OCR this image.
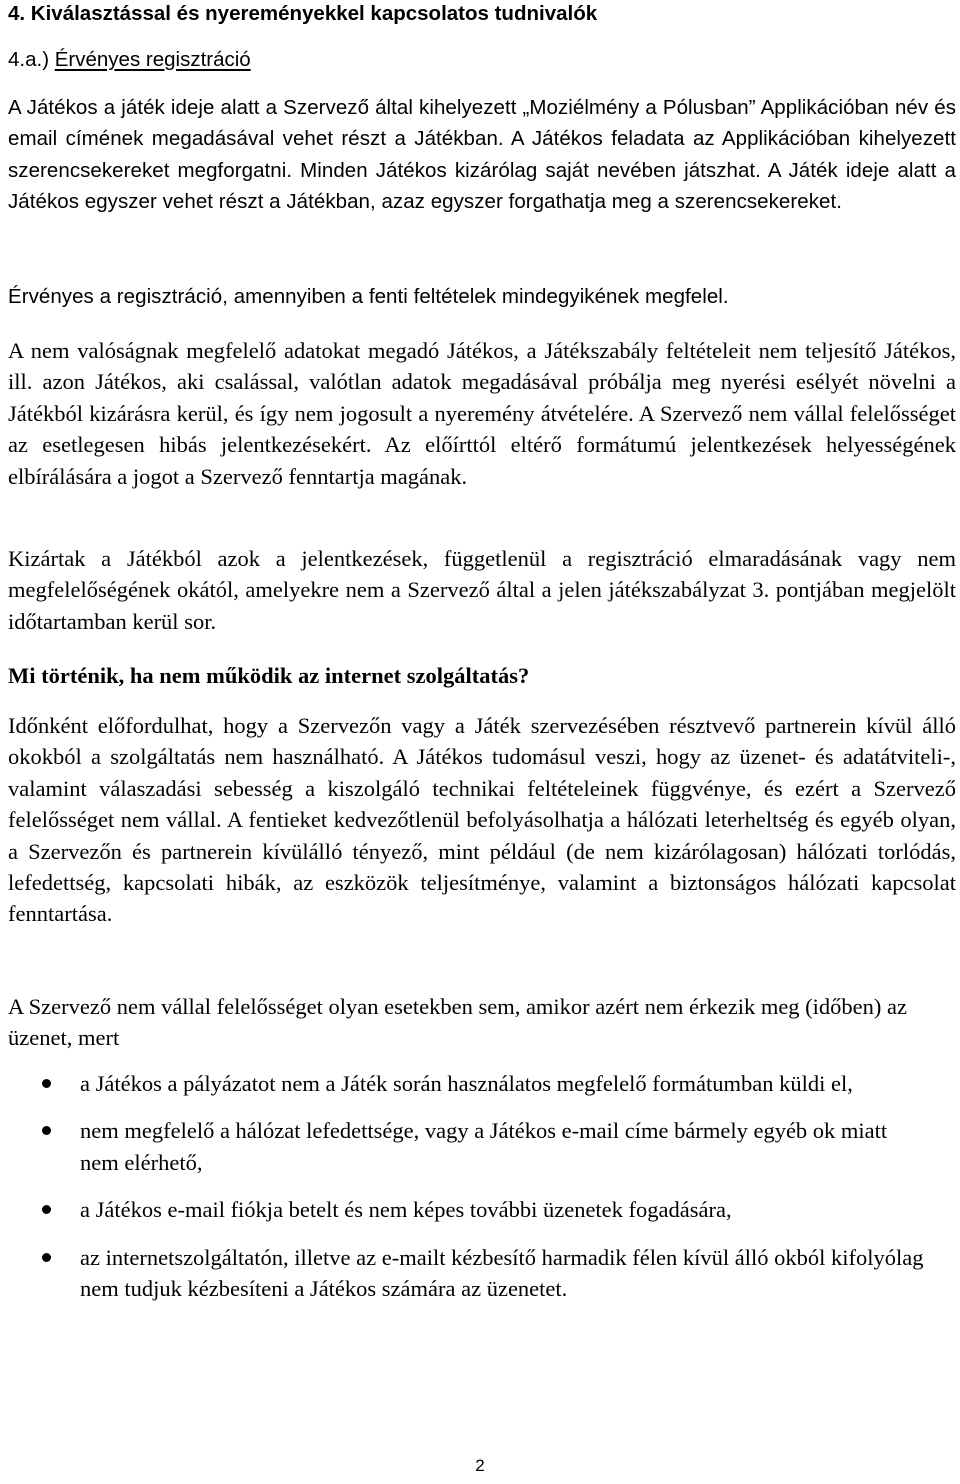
4. Kiválasztással és nyereményekkel kapcsolatos tudnivalók
4.a.) Érvényes regisztráció

A Játékos a játék ideje alatt a Szervező által kihelyezett „Moziélmény a Pólusban” Applikációban név és email címének megadásával vehet részt a Játékban. A Játékos feladata az Applikációban kihelyezett szerencsekereket megforgatni. Minden Játékos kizárólag saját nevében játszhat. A Játék ideje alatt a Játékos egyszer vehet részt a Játékban, azaz egyszer forgathatja meg a szerencsekereket.

Érvényes a regisztráció, amennyiben a fenti feltételek mindegyikének megfelel.

A nem valóságnak megfelelő adatokat megadó Játékos, a Játékszabály feltételeit nem teljesítő Játékos, ill. azon Játékos, aki csalással, valótlan adatok megadásával próbálja meg nyerési esélyét növelni a Játékból kizárásra kerül, és így nem jogosult a nyeremény átvételére. A Szervező nem vállal felelősséget az esetlegesen hibás jelentkezésekért. Az előírttól eltérő formátumú jelentkezések helyességének elbírálására a jogot a Szervező fenntartja magának.

Kizártak a Játékból azok a jelentkezések, függetlenül a regisztráció elmaradásának vagy nem megfelelőségének okától, amelyekre nem a Szervező által a jelen játékszabályzat 3. pontjában megjelölt időtartamban kerül sor.

Mi történik, ha nem működik az internet szolgáltatás?

Időnként előfordulhat, hogy a Szervezőn vagy a Játék szervezésében résztvevő partnerein kívül álló okokból a szolgáltatás nem használható. A Játékos tudomásul veszi, hogy az üzenet- és adatátviteli-, valamint válaszadási sebesség a kiszolgáló technikai feltételeinek függvénye, és ezért a Szervező felelősséget nem vállal. A fentieket kedvezőtlenül befolyásolhatja a hálózati leterheltség és egyéb olyan, a Szervezőn és partnerein kívülálló tényező, mint például (de nem kizárólagosan) hálózati torlódás, lefedettség, kapcsolati hibák, az eszközök teljesítménye, valamint a biztonságos hálózati kapcsolat fenntartása.

A Szervező nem vállal felelősséget olyan esetekben sem, amikor azért nem érkezik meg (időben) az üzenet, mert

a Játékos a pályázatot nem a Játék során használatos megfelelő formátumban küldi el,
nem megfelelő a hálózat lefedettsége, vagy a Játékos e-mail címe bármely egyéb ok miatt nem elérhető,
a Játékos e-mail fiókja betelt és nem képes további üzenetek fogadására,
az internetszolgáltatón, illetve az e-mailt kézbesítő harmadik félen kívül álló okból kifolyólag nem tudjuk kézbesíteni a Játékos számára az üzenetet.
2
